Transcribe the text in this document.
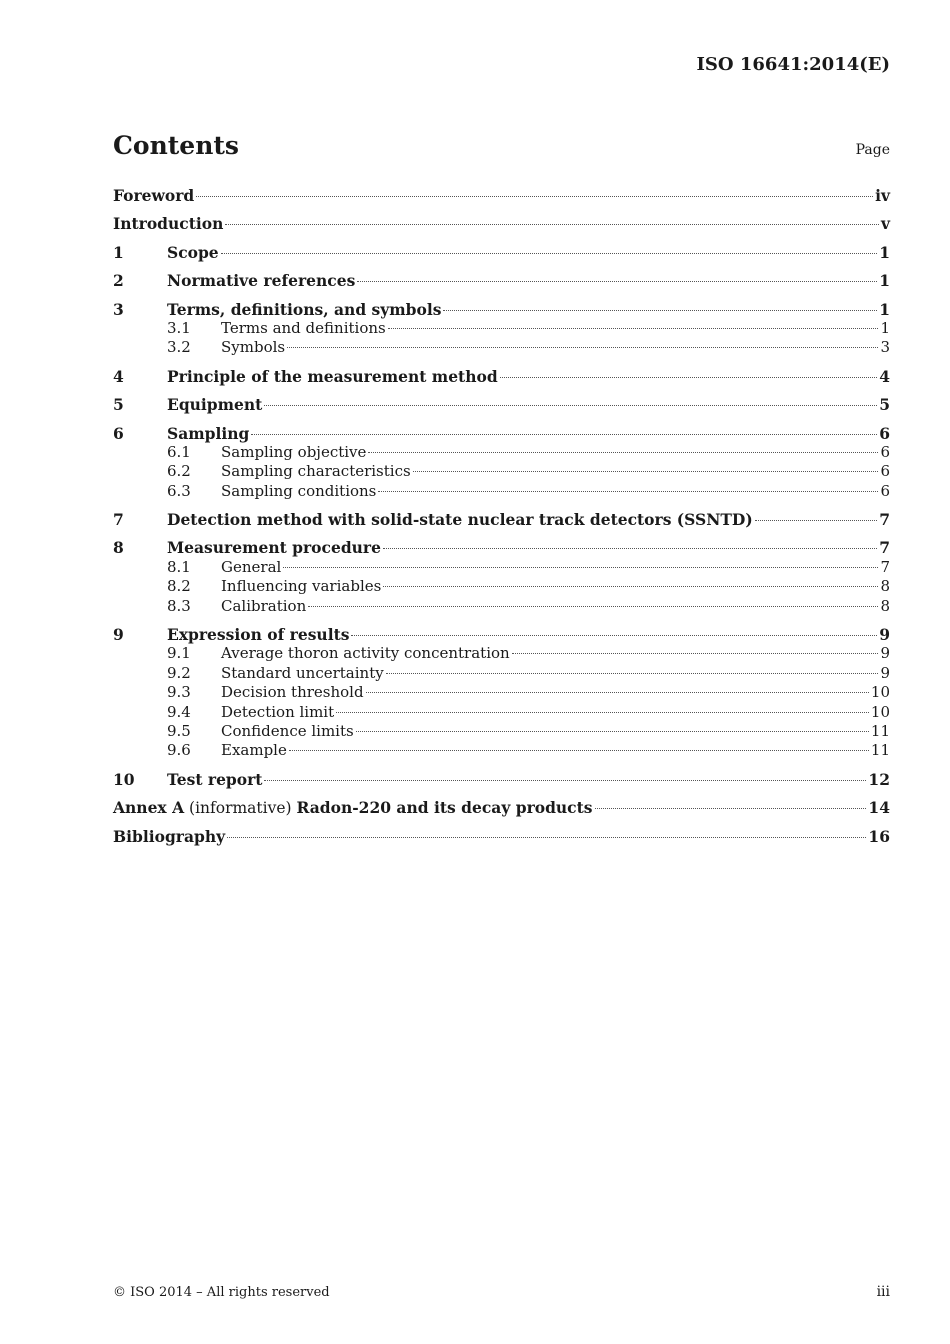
ISO 16641:2014(E)
Contents	Page
Foreword	iv
Introduction	v
1	Scope	1
2	Normative references	1
3	Terms, definitions, and symbols	1
3.1	Terms and definitions	1
3.2	Symbols	3
4	Principle of the measurement method	4
5	Equipment	5
6	Sampling	6
6.1	Sampling objective	6
6.2	Sampling characteristics	6
6.3	Sampling conditions	6
7	Detection method with solid-state nuclear track detectors (SSNTD)	7
8	Measurement procedure	7
8.1	General	7
8.2	Influencing variables	8
8.3	Calibration	8
9	Expression of results	9
9.1	Average thoron activity concentration	9
9.2	Standard uncertainty	9
9.3	Decision threshold	10
9.4	Detection limit	10
9.5	Confidence limits	11
9.6	Example	11
10	Test report	12
Annex A (informative) Radon-220 and its decay products	14
Bibliography	16
© ISO 2014 – All rights reserved	iii
